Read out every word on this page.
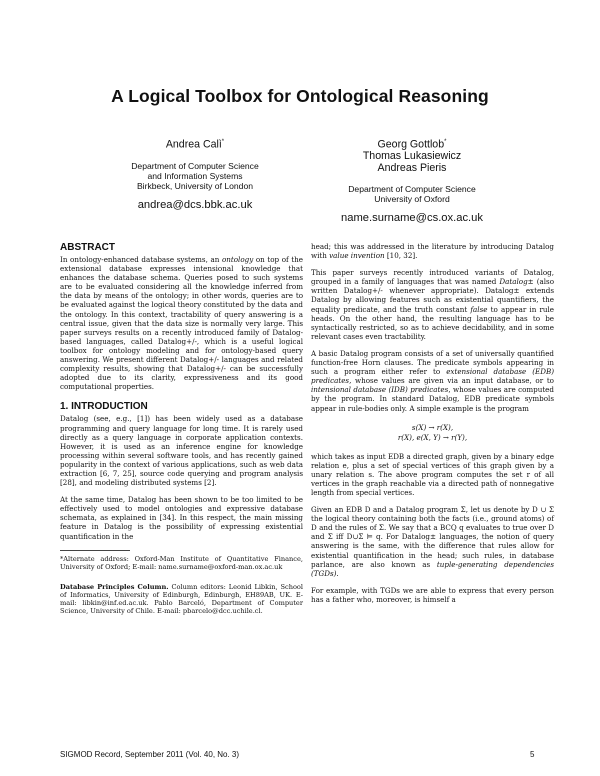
A Logical Toolbox for Ontological Reasoning
Andrea Calì*
Department of Computer Science
and Information Systems
Birkbeck, University of London
andrea@dcs.bbk.ac.uk
Georg Gottlob*
Thomas Lukasiewicz
Andreas Pieris
Department of Computer Science
University of Oxford
name.surname@cs.ox.ac.uk
ABSTRACT

In ontology-enhanced database systems, an ontology on top of the extensional database expresses intensional knowledge that enhances the database schema. Queries posed to such systems are to be evaluated considering all the knowledge inferred from the data by means of the ontology; in other words, queries are to be evaluated against the logical theory constituted by the data and the ontology. In this context, tractability of query answering is a central issue, given that the data size is normally very large. This paper surveys results on a recently introduced family of Datalog-based languages, called Datalog+/-, which is a useful logical toolbox for ontology modeling and for ontology-based query answering. We present different Datalog+/- languages and related complexity results, showing that Datalog+/- can be successfully adopted due to its clarity, expressiveness and its good computational properties.

1. INTRODUCTION

Datalog (see, e.g., [1]) has been widely used as a database programming and query language for long time. It is rarely used directly as a query language in corporate application contexts. However, it is used as an inference engine for knowledge processing within several software tools, and has recently gained popularity in the context of various applications, such as web data extraction [6, 7, 25], source code querying and program analysis [28], and modeling distributed systems [2].

At the same time, Datalog has been shown to be too limited to be effectively used to model ontologies and expressive database schemata, as explained in [34]. In this respect, the main missing feature in Datalog is the possibility of expressing existential quantification in the

*Alternate address: Oxford-Man Institute of Quantitative Finance, University of Oxford; E-mail: name.surname@oxford-man.ox.ac.uk

Database Principles Column. Column editors: Leonid Libkin, School of Informatics, University of Edinburgh, Edinburgh, EH89AB, UK. E-mail: libkin@inf.ed.ac.uk. Pablo Barceló, Department of Computer Science, University of Chile. E-mail: pbarcelo@dcc.uchile.cl.

head; this was addressed in the literature by introducing Datalog with value invention [10, 32].

This paper surveys recently introduced variants of Datalog, grouped in a family of languages that was named Datalog± (also written Datalog+/- whenever appropriate). Datalog± extends Datalog by allowing features such as existential quantifiers, the equality predicate, and the truth constant false to appear in rule heads. On the other hand, the resulting language has to be syntactically restricted, so as to achieve decidability, and in some relevant cases even tractability.

A basic Datalog program consists of a set of universally quantified function-free Horn clauses. The predicate symbols appearing in such a program either refer to extensional database (EDB) predicates, whose values are given via an input database, or to intensional database (IDB) predicates, whose values are computed by the program. In standard Datalog, EDB predicate symbols appear in rule-bodies only. A simple example is the program

s(X) → r(X),
r(X), e(X, Y) → r(Y),

which takes as input EDB a directed graph, given by a binary edge relation e, plus a set of special vertices of this graph given by a unary relation s. The above program computes the set r of all vertices in the graph reachable via a directed path of nonnegative length from special vertices.

Given an EDB D and a Datalog program Σ, let us denote by D ∪ Σ the logical theory containing both the facts (i.e., ground atoms) of D and the rules of Σ. We say that a BCQ q evaluates to true over D and Σ iff D∪Σ ⊨ q. For Datalog± languages, the notion of query answering is the same, with the difference that rules allow for existential quantification in the head; such rules, in database parlance, are also known as tuple-generating dependencies (TGDs).

For example, with TGDs we are able to express that every person has a father who, moreover, is himself a

SIGMOD Record, September 2011 (Vol. 40, No. 3)	5
